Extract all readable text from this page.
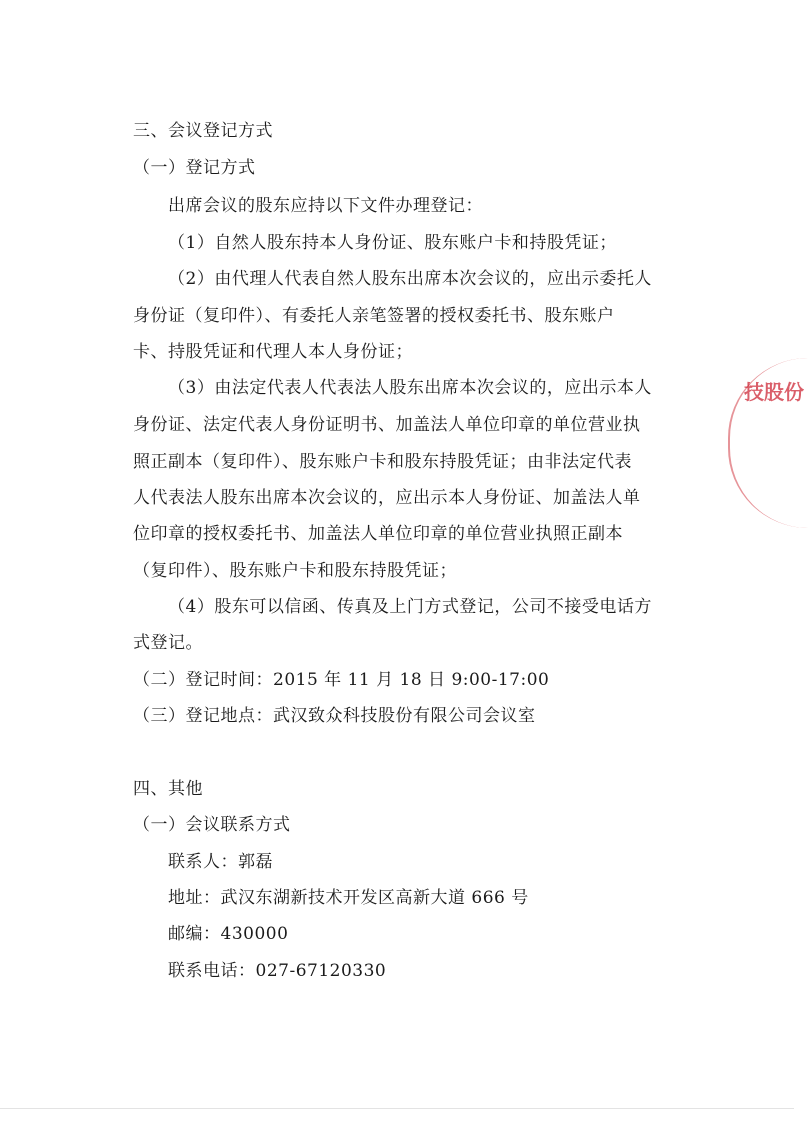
三、会议登记方式
（一）登记方式
出席会议的股东应持以下文件办理登记：
（1）自然人股东持本人身份证、股东账户卡和持股凭证；
（2）由代理人代表自然人股东出席本次会议的，应出示委托人
身份证（复印件）、有委托人亲笔签署的授权委托书、股东账户
卡、持股凭证和代理人本人身份证；
（3）由法定代表人代表法人股东出席本次会议的，应出示本人
身份证、法定代表人身份证明书、加盖法人单位印章的单位营业执
照正副本（复印件）、股东账户卡和股东持股凭证；由非法定代表
人代表法人股东出席本次会议的，应出示本人身份证、加盖法人单
位印章的授权委托书、加盖法人单位印章的单位营业执照正副本
（复印件）、股东账户卡和股东持股凭证；
（4）股东可以信函、传真及上门方式登记，公司不接受电话方
式登记。
（二）登记时间：2015 年 11 月 18 日 9:00-17:00
（三）登记地点：武汉致众科技股份有限公司会议室
四、其他
（一）会议联系方式
联系人：郭磊
地址：武汉东湖新技术开发区高新大道 666 号
邮编：430000
联系电话：027-67120330
技股份
